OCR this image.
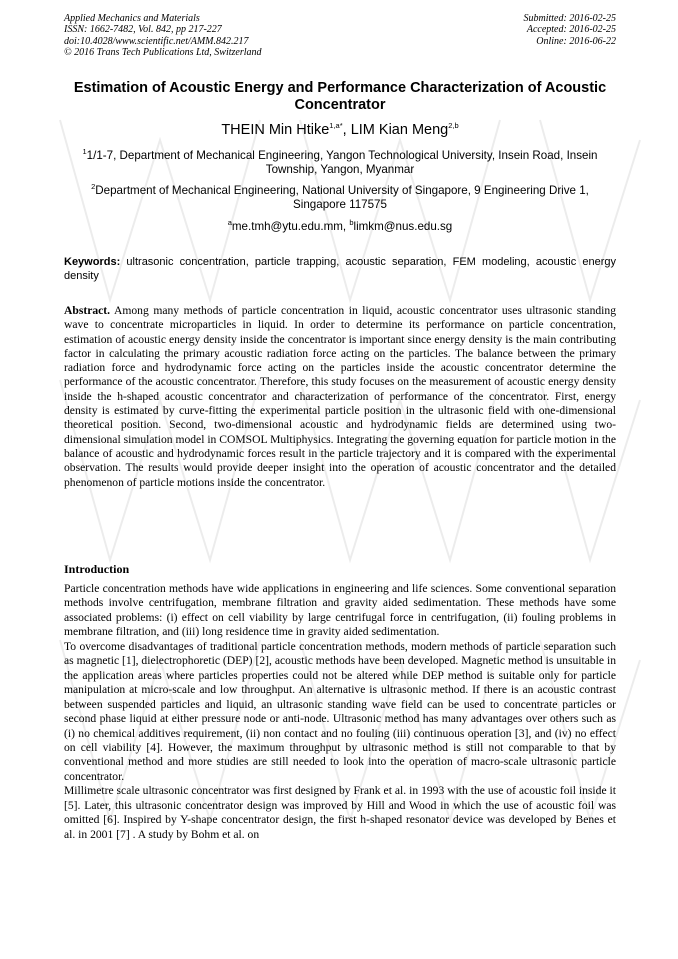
Applied Mechanics and Materials
ISSN: 1662-7482, Vol. 842, pp 217-227
doi:10.4028/www.scientific.net/AMM.842.217
© 2016 Trans Tech Publications Ltd, Switzerland
Submitted: 2016-02-25
Accepted: 2016-02-25
Online: 2016-06-22
Estimation of Acoustic Energy and Performance Characterization of Acoustic Concentrator
THEIN Min Htike$^{1,a*}$, LIM Kian Meng$^{2,b}$
$^1$1/1-7, Department of Mechanical Engineering, Yangon Technological University, Insein Road, Insein Township, Yangon, Myanmar
$^2$Department of Mechanical Engineering, National University of Singapore, 9 Engineering Drive 1, Singapore 117575
$^a$me.tmh@ytu.edu.mm, $^b$limkm@nus.edu.sg
Keywords: ultrasonic concentration, particle trapping, acoustic separation, FEM modeling, acoustic energy density
Abstract. Among many methods of particle concentration in liquid, acoustic concentrator uses ultrasonic standing wave to concentrate microparticles in liquid. In order to determine its performance on particle concentration, estimation of acoustic energy density inside the concentrator is important since energy density is the main contributing factor in calculating the primary acoustic radiation force acting on the particles. The balance between the primary radiation force and hydrodynamic force acting on the particles inside the acoustic concentrator determine the performance of the acoustic concentrator. Therefore, this study focuses on the measurement of acoustic energy density inside the h-shaped acoustic concentrator and characterization of performance of the concentrator. First, energy density is estimated by curve-fitting the experimental particle position in the ultrasonic field with one-dimensional theoretical position. Second, two-dimensional acoustic and hydrodynamic fields are determined using two-dimensional simulation model in COMSOL Multiphysics. Integrating the governing equation for particle motion in the balance of acoustic and hydrodynamic forces result in the particle trajectory and it is compared with the experimental observation. The results would provide deeper insight into the operation of acoustic concentrator and the detailed phenomenon of particle motions inside the concentrator.
Introduction

Particle concentration methods have wide applications in engineering and life sciences. Some conventional separation methods involve centrifugation, membrane filtration and gravity aided sedimentation. These methods have some associated problems: (i) effect on cell viability by large centrifugal force in centrifugation, (ii) fouling problems in membrane filtration, and (iii) long residence time in gravity aided sedimentation.

To overcome disadvantages of traditional particle concentration methods, modern methods of particle separation such as magnetic [1], dielectrophoretic (DEP) [2], acoustic methods have been developed. Magnetic method is unsuitable in the application areas where particles properties could not be altered while DEP method is suitable only for particle manipulation at micro-scale and low throughput. An alternative is ultrasonic method. If there is an acoustic contrast between suspended particles and liquid, an ultrasonic standing wave field can be used to concentrate particles or second phase liquid at either pressure node or anti-node. Ultrasonic method has many advantages over others such as (i) no chemical additives requirement, (ii) non contact and no fouling (iii) continuous operation [3], and (iv) no effect on cell viability [4]. However, the maximum throughput by ultrasonic method is still not comparable to that by conventional method and more studies are still needed to look into the operation of macro-scale ultrasonic particle concentrator.

Millimetre scale ultrasonic concentrator was first designed by Frank et al. in 1993 with the use of acoustic foil inside it [5]. Later, this ultrasonic concentrator design was improved by Hill and Wood in which the use of acoustic foil was omitted [6]. Inspired by Y-shape concentrator design, the first h-shaped resonator device was developed by Benes et al. in 2001 [7] . A study by Bohm et al. on
